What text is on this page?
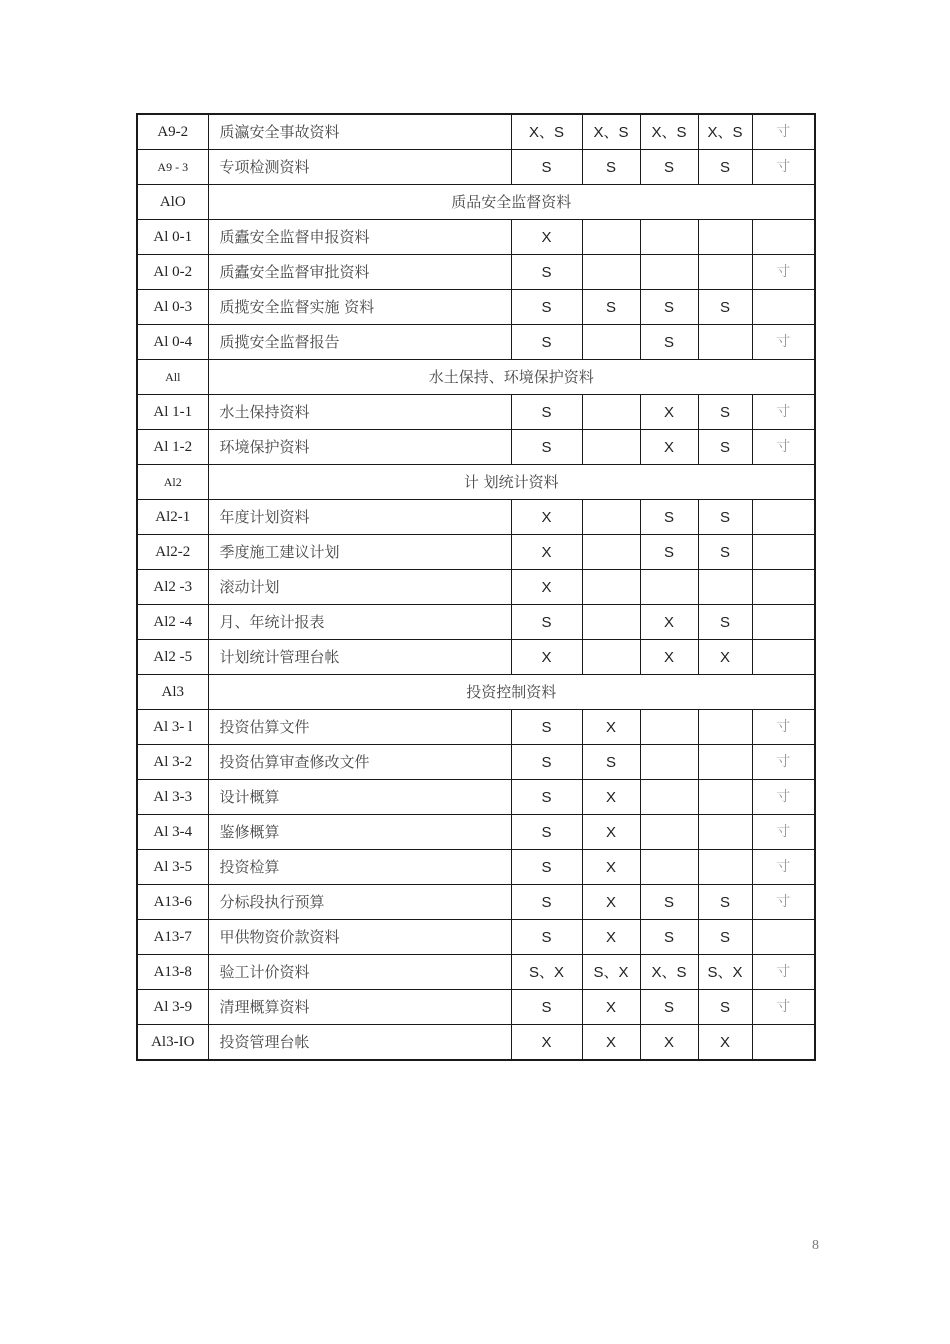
A9-2	质瀛安全事故资料	X、S	X、S	X、S	X、S	寸
A9 - 3	专项检测资料	S	S	S	S	寸
AlO	质品安全监督资料					
Al 0-1	质蠹安全监督申报资料	X				
Al 0-2	质蠹安全监督审批资料	S				寸
Al 0-3	质揽安全监督实施 资料	S	S	S	S	
Al 0-4	质揽安全监督报告	S		S		寸
All	水土保持、环境保护资料					
Al 1-1	水土保持资料	S		X	S	寸
Al 1-2	环境保护资料	S		X	S	寸
Al2	计 划统计资料					
Al2-1	年度计划资料	X		S	S	
Al2-2	季度施工建议计划	X		S	S	
Al2 -3	滚动计划	X				
Al2 -4	月、年统计报表	S		X	S	
Al2 -5	计划统计管理台帐	X		X	X	
Al3	投资控制资料					
Al 3- l	投资估算文件	S	X			寸
Al 3-2	投资估算审查修改文件	S	S			寸
Al 3-3	设计概算	S	X			寸
Al 3-4	鉴修概算	S	X			寸
Al 3-5	投资检算	S	X			寸
A13-6	分标段执行预算	S	X	S	S	寸
A13-7	甲供物资价款资料	S	X	S	S	
A13-8	验工计价资料	S、X	S、X	X、S	S、X	寸
Al 3-9	清理概算资料	S	X	S	S	寸
Al3-IO	投资管理台帐	X	X	X	X	
8
